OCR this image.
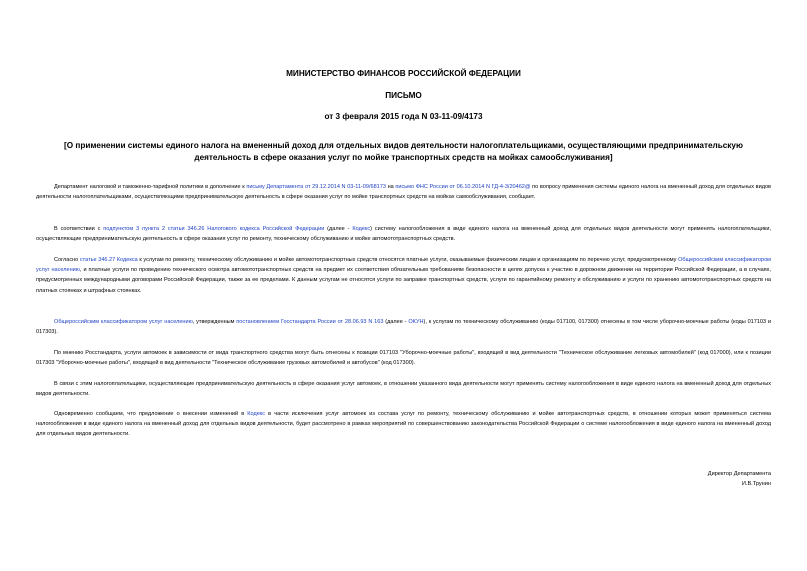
МИНИСТЕРСТВО ФИНАНСОВ РОССИЙСКОЙ ФЕДЕРАЦИИ
ПИСЬМО
от 3 февраля 2015 года N 03-11-09/4173
[О применении системы единого налога на вмененный доход для отдельных видов деятельности налогоплательщиками, осуществляющими предпринимательскую деятельность в сфере оказания услуг по мойке транспортных средств на мойках самообслуживания]
Департамент налоговой и таможенно-тарифной политики в дополнение к письму Департамента от 29.12.2014 N 03-11-09/68173 на письмо ФНС России от 06.10.2014 N ГД-4-3/20462@ по вопросу применения системы единого налога на вмененный доход для отдельных видов деятельности налогоплательщиками, осуществляющими предпринимательскую деятельность в сфере оказания услуг по мойке транспортных средств на мойках самообслуживания, сообщает.
В соответствии с подпунктом 3 пункта 2 статьи 346.26 Налогового кодекса Российской Федерации (далее - Кодекс) систему налогообложения в виде единого налога на вмененный доход для отдельных видов деятельности могут применять налогоплательщики, осуществляющие предпринимательскую деятельность в сфере оказания услуг по ремонту, техническому обслуживанию и мойке автомототранспортных средств.
Согласно статье 346.27 Кодекса к услугам по ремонту, техническому обслуживанию и мойке автомототранспортных средств относятся платные услуги, оказываемые физическим лицам и организациям по перечню услуг, предусмотренному Общероссийским классификатором услуг населению, и платные услуги по проведению технического осмотра автомототранспортных средств на предмет их соответствия обязательным требованиям безопасности в целях допуска к участию в дорожном движении на территории Российской Федерации, а в случаях, предусмотренных международными договорами Российской Федерации, также за ее пределами. К данным услугам не относятся услуги по заправке транспортных средств, услуги по гарантийному ремонту и обслуживанию и услуги по хранению автомототранспортных средств на платных стоянках и штрафных стоянках.
Общероссийским классификатором услуг населению, утвержденным постановлением Госстандарта России от 28.06.93 N 163 (далее - ОКУН), к услугам по техническому обслуживанию (коды 017100, 017300) отнесены в том числе уборочно-моечные работы (коды 017103 и 017303).
По мнению Росстандарта, услуги автомоек в зависимости от вида транспортного средства могут быть отнесены к позиции 017103 "Уборочно-моечные работы", входящей в вид деятельности "Техническое обслуживание легковых автомобилей" (код 017000), или к позиции 017303 "Уборочно-моечные работы", входящей в вид деятельности "Техническое обслуживание грузовых автомобилей и автобусов" (код 017300).
В связи с этим налогоплательщики, осуществляющие предпринимательскую деятельность в сфере оказания услуг автомоек, в отношении указанного вида деятельности могут применять систему налогообложения в виде единого налога на вмененный доход для отдельных видов деятельности.
Одновременно сообщаем, что предложение о внесении изменений в Кодекс в части исключения услуг автомоек из состава услуг по ремонту, техническому обслуживанию и мойке автотранспортных средств, в отношении которых может применяться система налогообложения в виде единого налога на вмененный доход для отдельных видов деятельности, будет рассмотрено в рамках мероприятий по совершенствованию законодательства Российской Федерации о системе налогообложения в виде единого налога на вмененный доход для отдельных видов деятельности.
Директор Департамента
И.В.Трунин
